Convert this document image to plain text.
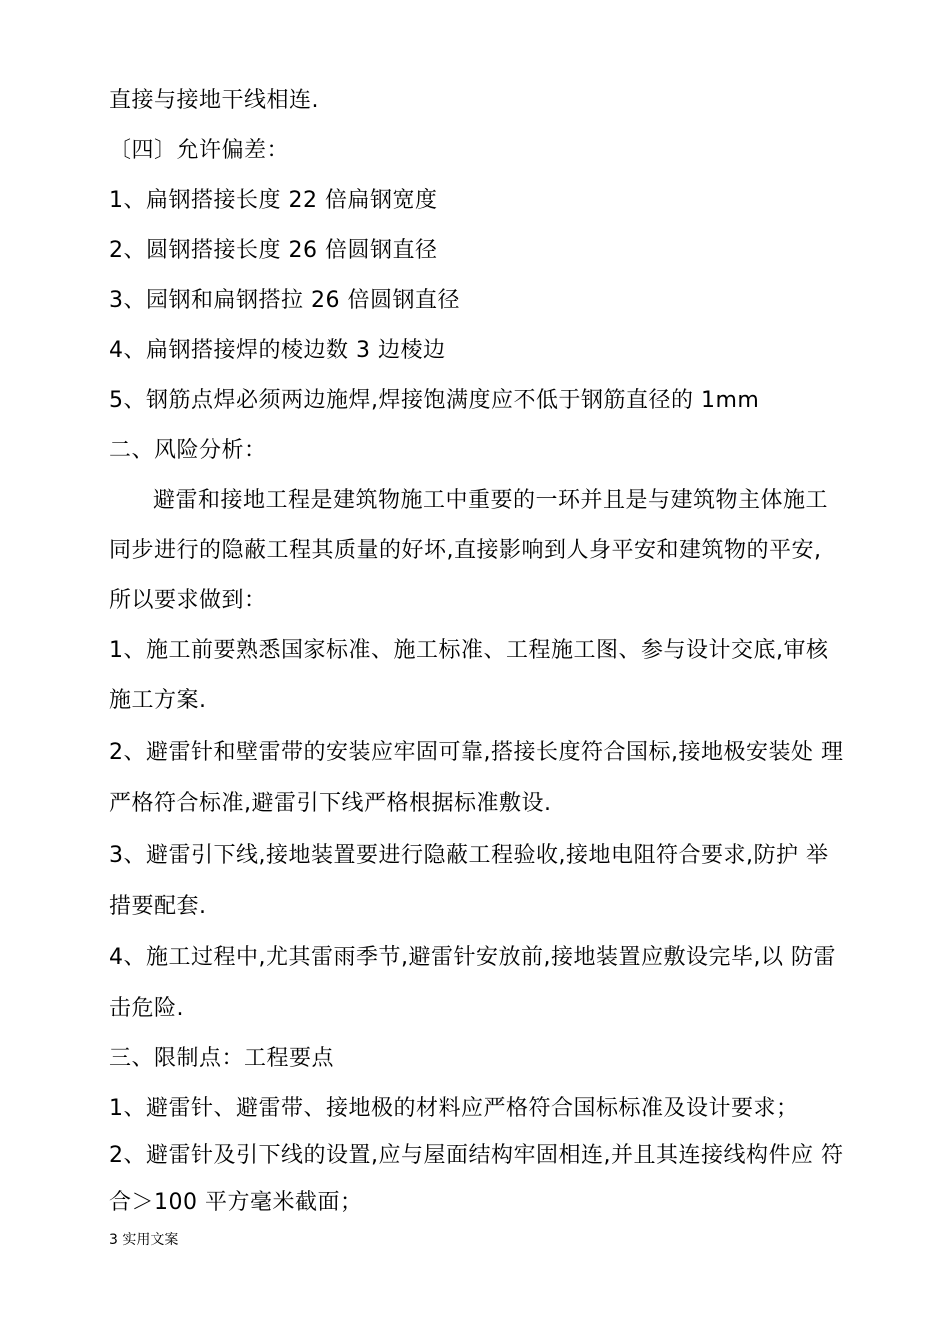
直接与接地干线相连.
〔四〕允许偏差：
1、扁钢搭接长度 22 倍扁钢宽度
2、圆钢搭接长度 26 倍圆钢直径
3、园钢和扁钢搭拉 26 倍圆钢直径
4、扁钢搭接焊的棱边数 3 边棱边
5、钢筋点焊必须两边施焊,焊接饱满度应不低于钢筋直径的 1mm
二、风险分析：
避雷和接地工程是建筑物施工中重要的一环并且是与建筑物主体施工
同步进行的隐蔽工程其质量的好坏,直接影响到人身平安和建筑物的平安,
所以要求做到：
1、施工前要熟悉国家标准、施工标准、工程施工图、参与设计交底,审核
施工方案.
2、避雷针和壁雷带的安装应牢固可靠,搭接长度符合国标,接地极安装处 理
严格符合标准,避雷引下线严格根据标准敷设.
3、避雷引下线,接地装置要进行隐蔽工程验收,接地电阻符合要求,防护 举
措要配套.
4、施工过程中,尤其雷雨季节,避雷针安放前,接地装置应敷设完毕,以 防雷
击危险.
三、限制点：工程要点
1、避雷针、避雷带、接地极的材料应严格符合国标标准及设计要求；
2、避雷针及引下线的设置,应与屋面结构牢固相连,并且其连接线构件应 符
合＞100 平方毫米截面；
3 实用文案
